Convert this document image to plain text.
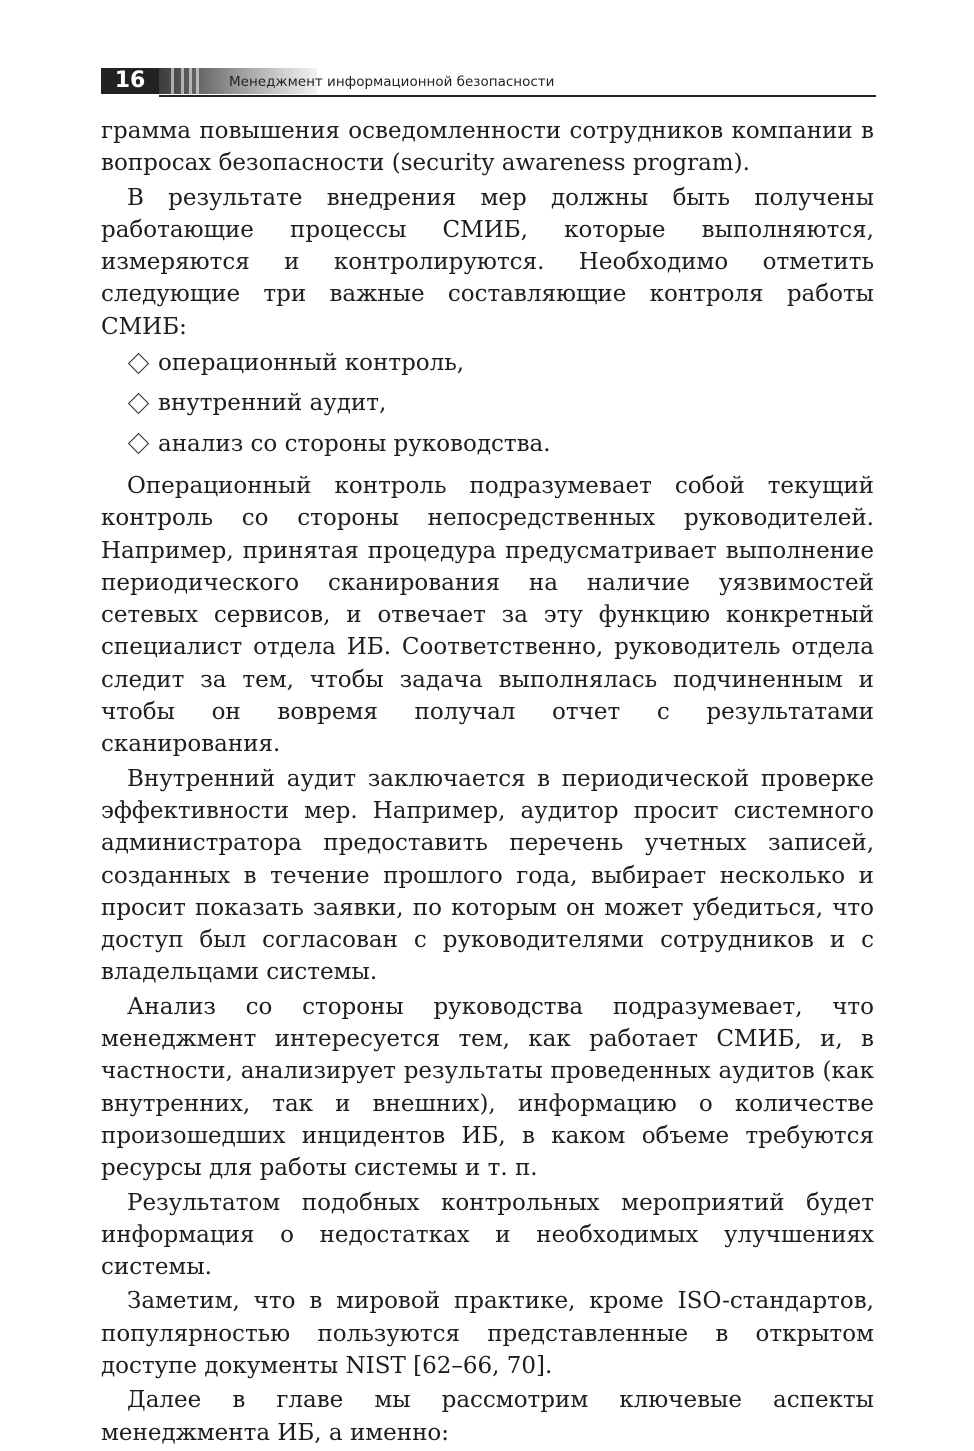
16	Менеджмент информационной безопасности

грамма повышения осведомленности сотрудников компании в вопросах безопасности (security awareness program).

В результате внедрения мер должны быть получены работающие процессы СМИБ, которые выполняются, измеряются и контролируются. Необходимо отметить следующие три важные составляющие контроля работы СМИБ:

операционный контроль,
внутренний аудит,
анализ со стороны руководства.

Операционный контроль подразумевает собой текущий контроль со стороны непосредственных руководителей. Например, принятая процедура предусматривает выполнение периодического сканирования на наличие уязвимостей сетевых сервисов, и отвечает за эту функцию конкретный специалист отдела ИБ. Соответственно, руководитель отдела следит за тем, чтобы задача выполнялась подчиненным и чтобы он вовремя получал отчет с результатами сканирования.

Внутренний аудит заключается в периодической проверке эффективности мер. Например, аудитор просит системного администратора предоставить перечень учетных записей, созданных в течение прошлого года, выбирает несколько и просит показать заявки, по которым он может убедиться, что доступ был согласован с руководителями сотрудников и с владельцами системы.

Анализ со стороны руководства подразумевает, что менеджмент интересуется тем, как работает СМИБ, и, в частности, анализирует результаты проведенных аудитов (как внутренних, так и внешних), информацию о количестве произошедших инцидентов ИБ, в каком объеме требуются ресурсы для работы системы и т. п.

Результатом подобных контрольных мероприятий будет информация о недостатках и необходимых улучшениях системы.

Заметим, что в мировой практике, кроме ISO-стандартов, популярностью пользуются представленные в открытом доступе документы NIST [62–66, 70].

Далее в главе мы рассмотрим ключевые аспекты менеджмента ИБ, а именно:
